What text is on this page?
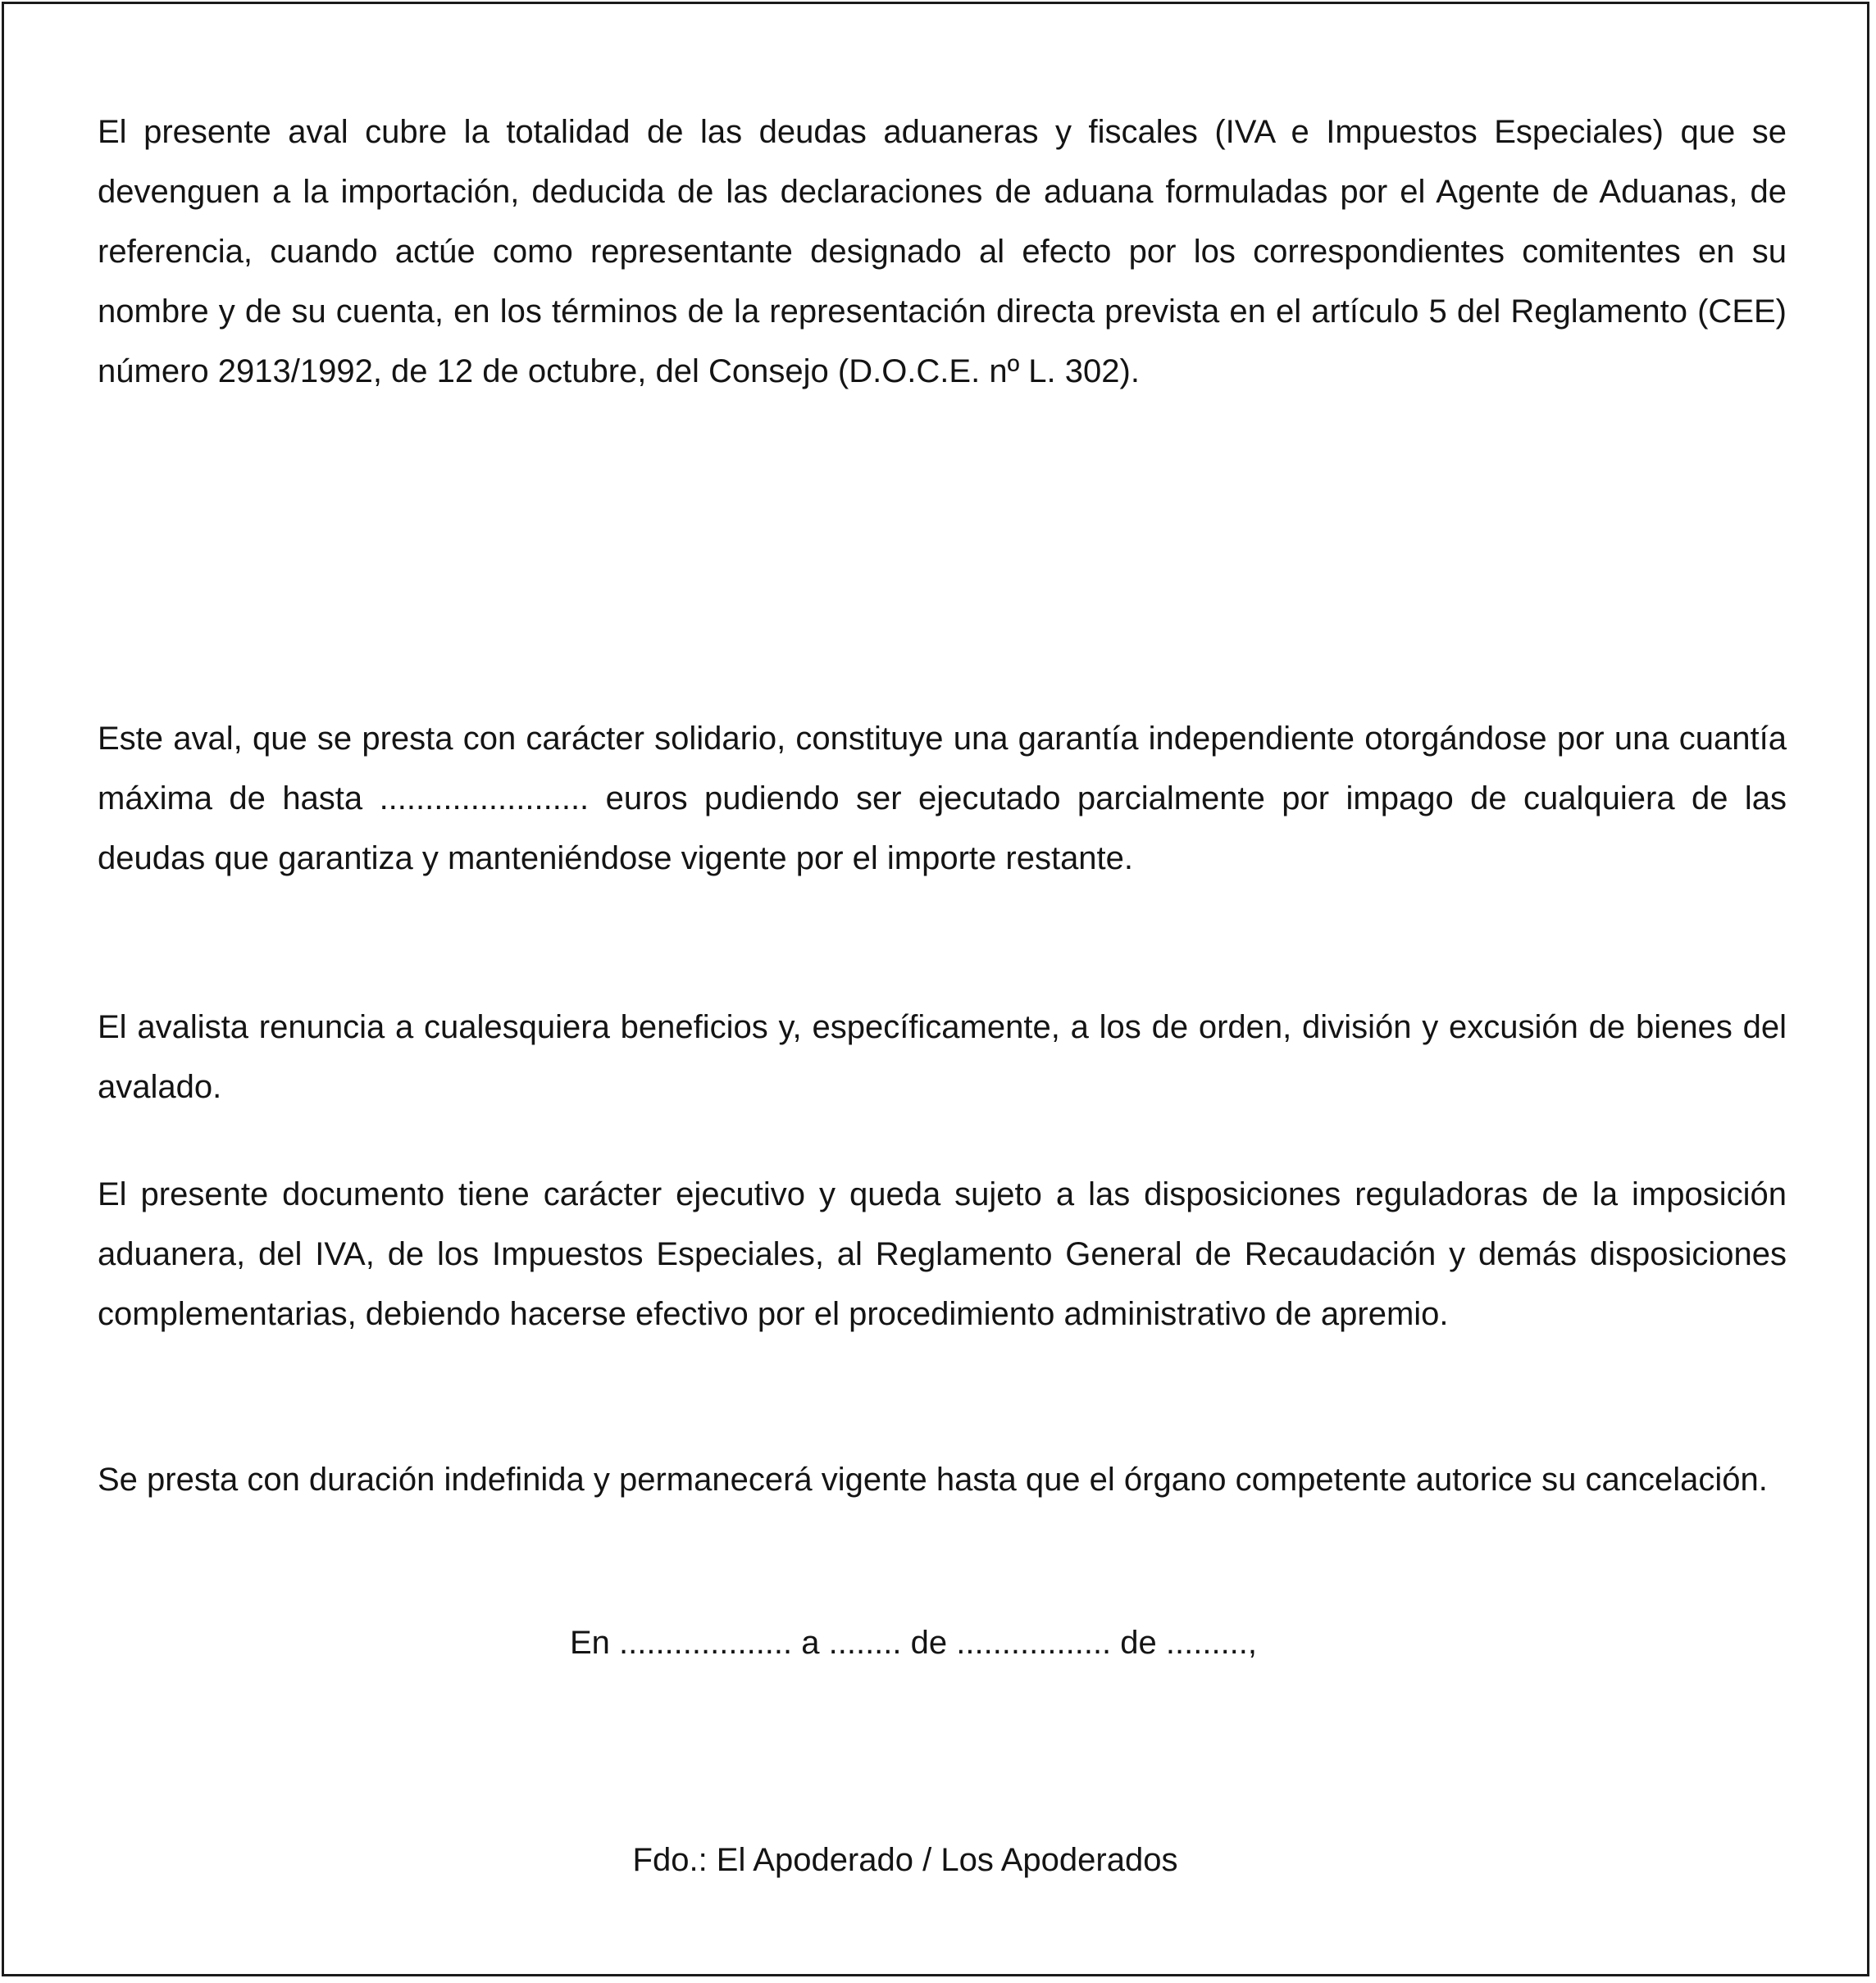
El presente aval cubre la totalidad de las deudas aduaneras y fiscales (IVA e Impuestos Especiales) que se devenguen a la importación, deducida de las declaraciones de aduana formuladas por el Agente de Aduanas, de referencia, cuando actúe como representante designado al efecto por los correspondientes comitentes en su nombre y de su cuenta, en los términos de la representación directa prevista en el artículo 5 del Reglamento (CEE) número 2913/1992, de 12 de octubre, del Consejo (D.O.C.E. nº L. 302).

Este aval, que se presta con carácter solidario, constituye una garantía independiente otorgándose por una cuantía máxima de hasta ....................... euros pudiendo ser ejecutado parcialmente por impago de cualquiera de las deudas que garantiza y manteniéndose vigente por el importe restante.

El avalista renuncia a cualesquiera beneficios y, específicamente, a los de orden, división y excusión de bienes del avalado.

El presente documento tiene carácter ejecutivo y queda sujeto a las disposiciones reguladoras de la imposición aduanera, del IVA, de los Impuestos Especiales, al Reglamento General de Recaudación y demás disposiciones complementarias, debiendo hacerse efectivo por el procedimiento administrativo de apremio.

Se presta con duración indefinida y permanecerá vigente hasta que el órgano competente autorice su cancelación.

En ................... a ........ de ................. de .........,

Fdo.: El Apoderado / Los Apoderados
